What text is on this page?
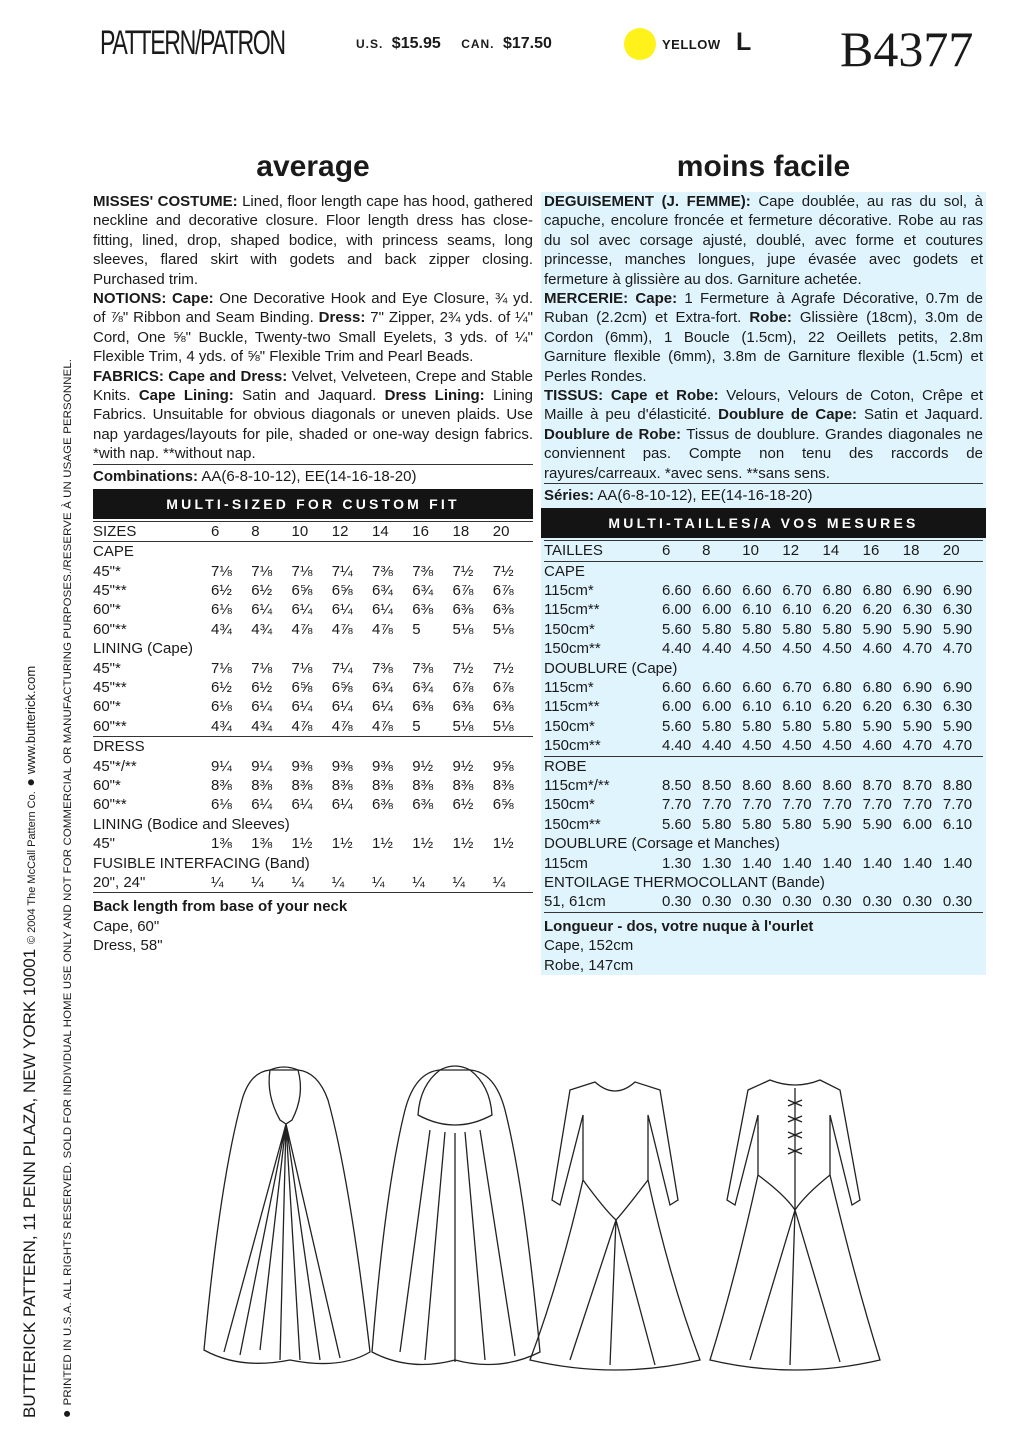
PATTERN/PATRON	U.S. $15.95 CAN. $17.50	YELLOW L B4377
BUTTERICK PATTERN, 11 PENN PLAZA, NEW YORK 10001 © 2004 The McCall Pattern Co. ● www.butterick.com
● PRINTED IN U.S.A. ALL RIGHTS RESERVED. SOLD FOR INDIVIDUAL HOME USE ONLY AND NOT FOR COMMERCIAL OR MANUFACTURING PURPOSES./RESERVE À UN USAGE PERSONNEL.
average
MISSES' COSTUME: Lined, floor length cape has hood, gathered neckline and decorative closure. Floor length dress has close-fitting, lined, drop, shaped bodice, with princess seams, long sleeves, flared skirt with godets and back zipper closing. Purchased trim.
NOTIONS: Cape: One Decorative Hook and Eye Closure, ¾ yd. of ⅞" Ribbon and Seam Binding. Dress: 7" Zipper, 2¾ yds. of ¼" Cord, One ⅝" Buckle, Twenty-two Small Eyelets, 3 yds. of ¼" Flexible Trim, 4 yds. of ⅝" Flexible Trim and Pearl Beads.
FABRICS: Cape and Dress: Velvet, Velveteen, Crepe and Stable Knits. Cape Lining: Satin and Jaquard. Dress Lining: Lining Fabrics. Unsuitable for obvious diagonals or uneven plaids. Use nap yardages/layouts for pile, shaded or one-way design fabrics. *with nap. **without nap.
Combinations: AA(6-8-10-12), EE(14-16-18-20)
MULTI-SIZED FOR CUSTOM FIT
SIZES	6	8	10	12	14	16	18	20
CAPE								
45"*	7⅛	7⅛	7⅛	7¼	7⅜	7⅜	7½	7½
45"**	6½	6½	6⅝	6⅝	6¾	6¾	6⅞	6⅞
60"*	6⅛	6¼	6¼	6¼	6¼	6⅜	6⅜	6⅜
60"**	4¾	4¾	4⅞	4⅞	4⅞	5	5⅛	5⅛
LINING (Cape)								
45"*	7⅛	7⅛	7⅛	7¼	7⅜	7⅜	7½	7½
45"**	6½	6½	6⅝	6⅝	6¾	6¾	6⅞	6⅞
60"*	6⅛	6¼	6¼	6¼	6¼	6⅜	6⅜	6⅜
60"**	4¾	4¾	4⅞	4⅞	4⅞	5	5⅛	5⅛
DRESS								
45"*/**	9¼	9¼	9⅜	9⅜	9⅜	9½	9½	9⅝
60"*	8⅜	8⅜	8⅜	8⅜	8⅜	8⅜	8⅜	8⅜
60"**	6⅛	6¼	6¼	6¼	6⅜	6⅜	6½	6⅝
LINING (Bodice and Sleeves)								
45"	1⅜	1⅜	1½	1½	1½	1½	1½	1½
FUSIBLE INTERFACING (Band)								
20", 24"	¼	¼	¼	¼	¼	¼	¼	¼
Back length from base of your neck
Cape, 60"
Dress, 58"
moins facile
DEGUISEMENT (J. FEMME): Cape doublée, au ras du sol, à capuche, encolure froncée et fermeture décorative. Robe au ras du sol avec corsage ajusté, doublé, avec forme et coutures princesse, manches longues, jupe évasée avec godets et fermeture à glissière au dos. Garniture achetée.
MERCERIE: Cape: 1 Fermeture à Agrafe Décorative, 0.7m de Ruban (2.2cm) et Extra-fort. Robe: Glissière (18cm), 3.0m de Cordon (6mm), 1 Boucle (1.5cm), 22 Oeillets petits, 2.8m Garniture flexible (6mm), 3.8m de Garniture flexible (1.5cm) et Perles Rondes.
TISSUS: Cape et Robe: Velours, Velours de Coton, Crêpe et Maille à peu d'élasticité. Doublure de Cape: Satin et Jaquard. Doublure de Robe: Tissus de doublure. Grandes diagonales ne conviennent pas. Compte non tenu des raccords de rayures/carreaux. *avec sens. **sans sens.
Séries: AA(6-8-10-12), EE(14-16-18-20)
MULTI-TAILLES/A VOS MESURES
TAILLES	6	8	10	12	14	16	18	20
CAPE								
115cm*	6.60	6.60	6.60	6.70	6.80	6.80	6.90	6.90
115cm**	6.00	6.00	6.10	6.10	6.20	6.20	6.30	6.30
150cm*	5.60	5.80	5.80	5.80	5.80	5.90	5.90	5.90
150cm**	4.40	4.40	4.50	4.50	4.50	4.60	4.70	4.70
DOUBLURE (Cape)								
115cm*	6.60	6.60	6.60	6.70	6.80	6.80	6.90	6.90
115cm**	6.00	6.00	6.10	6.10	6.20	6.20	6.30	6.30
150cm*	5.60	5.80	5.80	5.80	5.80	5.90	5.90	5.90
150cm**	4.40	4.40	4.50	4.50	4.50	4.60	4.70	4.70
ROBE								
115cm*/**	8.50	8.50	8.60	8.60	8.60	8.70	8.70	8.80
150cm*	7.70	7.70	7.70	7.70	7.70	7.70	7.70	7.70
150cm**	5.60	5.80	5.80	5.80	5.90	5.90	6.00	6.10
DOUBLURE (Corsage et Manches)								
115cm	1.30	1.30	1.40	1.40	1.40	1.40	1.40	1.40
ENTOILAGE THERMOCOLLANT (Bande)								
51, 61cm	0.30	0.30	0.30	0.30	0.30	0.30	0.30	0.30
Longueur - dos, votre nuque à l'ourlet
Cape, 152cm
Robe, 147cm
